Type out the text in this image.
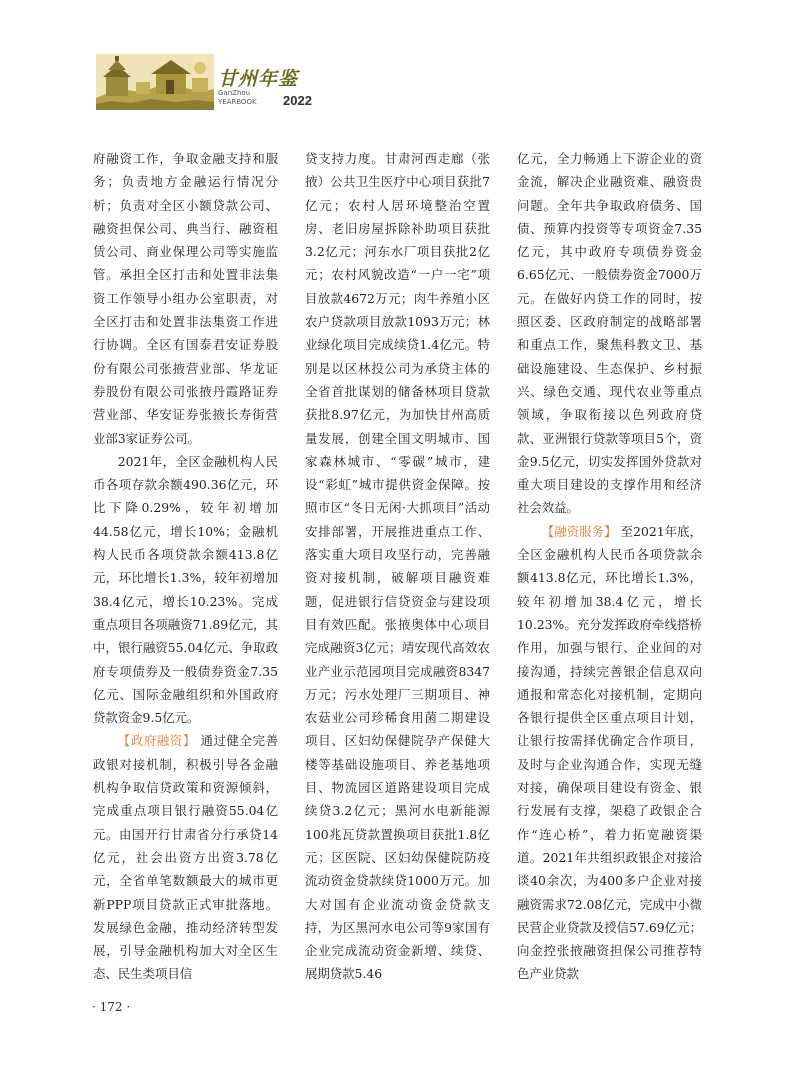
甘州年鉴
GanZhou
YEARBOOK 2022

府融资工作，争取金融支持和服务；负责地方金融运行情况分析；负责对全区小额贷款公司、融资担保公司、典当行、融资租赁公司、商业保理公司等实施监管。承担全区打击和处置非法集资工作领导小组办公室职责，对全区打击和处置非法集资工作进行协调。全区有国泰君安证券股份有限公司张掖营业部、华龙证券股份有限公司张掖丹霞路证券营业部、华安证券张掖长寿街营业部3家证券公司。

2021年，全区金融机构人民币各项存款余额490.36亿元，环比下降0.29%，较年初增加44.58亿元，增长10%；金融机构人民币各项贷款余额413.8亿元，环比增长1.3%，较年初增加38.4亿元，增长10.23%。完成重点项目各项融资71.89亿元，其中，银行融资55.04亿元、争取政府专项债券及一般债券资金7.35亿元、国际金融组织和外国政府贷款资金9.5亿元。

【政府融资】 通过健全完善政银对接机制，积极引导各金融机构争取信贷政策和资源倾斜，完成重点项目银行融资55.04亿元。由国开行甘肃省分行承贷14亿元，社会出资方出资3.78亿元，全省单笔数额最大的城市更新PPP项目贷款正式审批落地。发展绿色金融，推动经济转型发展，引导金融机构加大对全区生态、民生类项目信

贷支持力度。甘肃河西走廊（张掖）公共卫生医疗中心项目获批7亿元；农村人居环境整治空置房、老旧房屋拆除补助项目获批3.2亿元；河东水厂项目获批2亿元；农村风貌改造“一户一宅”项目放款4672万元；肉牛养殖小区农户贷款项目放款1093万元；林业绿化项目完成续贷1.4亿元。特别是以区林投公司为承贷主体的全省首批谋划的储备林项目贷款获批8.97亿元，为加快甘州高质量发展，创建全国文明城市、国家森林城市、“零碳”城市，建设“彩虹”城市提供资金保障。按照市区“冬日无闲·大抓项目”活动安排部署，开展推进重点工作、落实重大项目攻坚行动，完善融资对接机制，破解项目融资难题，促进银行信贷资金与建设项目有效匹配。张掖奥体中心项目完成融资3亿元；靖安现代高效农业产业示范园项目完成融资8347万元；污水处理厂三期项目、神农菇业公司珍稀食用菌二期建设项目、区妇幼保健院孕产保健大楼等基础设施项目、养老基地项目、物流园区道路建设项目完成续贷3.2亿元；黑河水电新能源100兆瓦贷款置换项目获批1.8亿元；区医院、区妇幼保健院防疫流动资金贷款续贷1000万元。加大对国有企业流动资金贷款支持，为区黑河水电公司等9家国有企业完成流动资金新增、续贷、展期贷款5.46

亿元，全力畅通上下游企业的资金流，解决企业融资难、融资贵问题。全年共争取政府债务、国债、预算内投资等专项资金7.35亿元，其中政府专项债券资金6.65亿元、一般债券资金7000万元。在做好内贷工作的同时，按照区委、区政府制定的战略部署和重点工作，聚焦科教文卫、基础设施建设、生态保护、乡村振兴、绿色交通、现代农业等重点领域，争取衔接以色列政府贷款、亚洲银行贷款等项目5个，资金9.5亿元，切实发挥国外贷款对重大项目建设的支撑作用和经济社会效益。

【融资服务】 至2021年底，全区金融机构人民币各项贷款余额413.8亿元，环比增长1.3%，较年初增加38.4亿元，增长10.23%。充分发挥政府牵线搭桥作用，加强与银行、企业间的对接沟通，持续完善银企信息双向通报和常态化对接机制，定期向各银行提供全区重点项目计划，让银行按需择优确定合作项目，及时与企业沟通合作，实现无缝对接，确保项目建设有资金、银行发展有支撑，架稳了政银企合作“连心桥”，着力拓宽融资渠道。2021年共组织政银企对接洽谈40余次，为400多户企业对接融资需求72.08亿元，完成中小微民营企业贷款及授信57.69亿元；向金控张掖融资担保公司推荐特色产业贷款

· 172 ·
